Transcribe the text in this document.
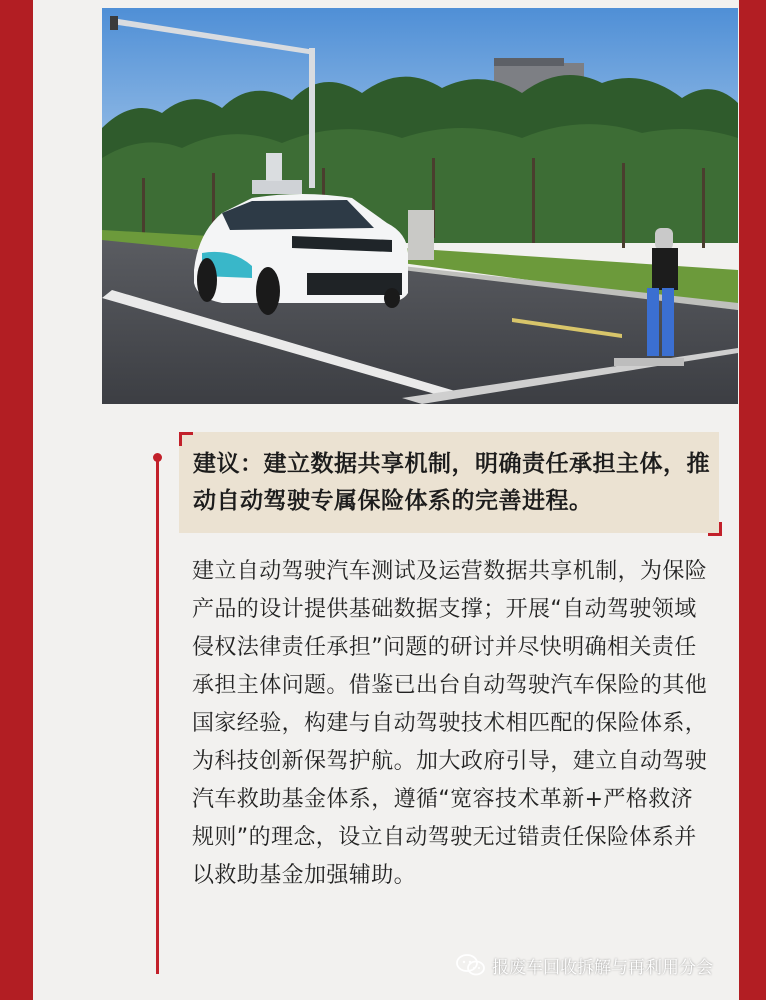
建议：建立数据共享机制，明确责任承担主体，推动自动驾驶专属保险体系的完善进程。
建立自动驾驶汽车测试及运营数据共享机制，为保险产品的设计提供基础数据支撑；开展“自动驾驶领域侵权法律责任承担”问题的研讨并尽快明确相关责任承担主体问题。借鉴已出台自动驾驶汽车保险的其他国家经验，构建与自动驾驶技术相匹配的保险体系，为科技创新保驾护航。加大政府引导，建立自动驾驶汽车救助基金体系，遵循“宽容技术革新+严格救济规则”的理念，设立自动驾驶无过错责任保险体系并以救助基金加强辅助。
报废车回收拆解与再利用分会
